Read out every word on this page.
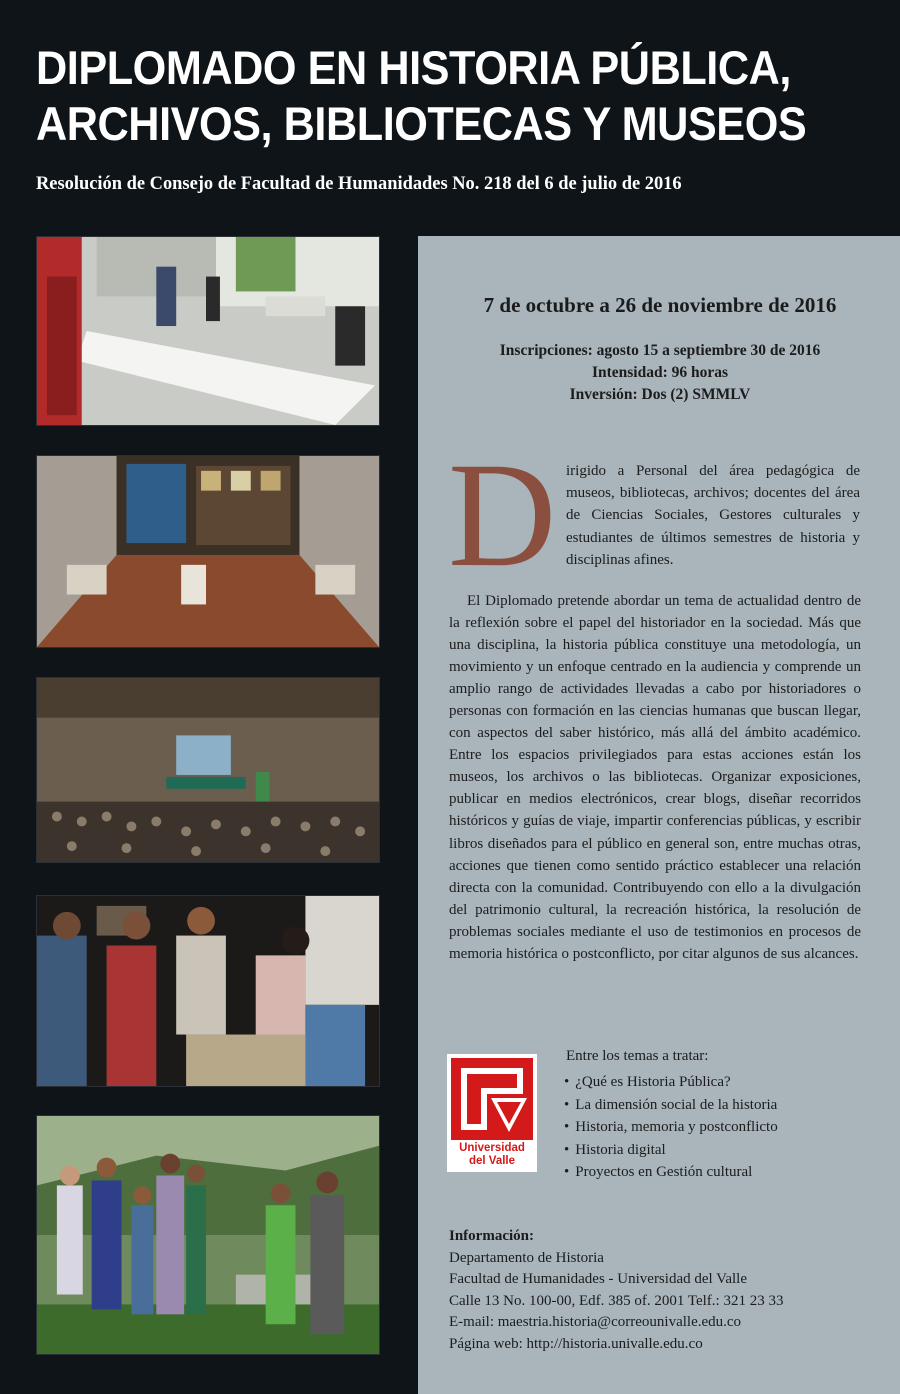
DIPLOMADO EN HISTORIA PÚBLICA,
ARCHIVOS, BIBLIOTECAS Y MUSEOS
Resolución de Consejo de Facultad de Humanidades No. 218 del 6 de julio de 2016
7 de octubre a 26 de noviembre de 2016
Inscripciones: agosto 15 a septiembre 30 de 2016
Intensidad: 96 horas
Inversión: Dos (2) SMMLV
D irigido a Personal del área pedagógica de museos, bibliotecas, archivos; docentes del área de Ciencias Sociales, Gestores culturales y estudiantes de últimos semestres de historia y disciplinas afines.
El Diplomado pretende abordar un tema de actualidad dentro de la reflexión sobre el papel del historiador en la sociedad. Más que una disciplina, la historia pública constituye una metodología, un movimiento y un enfoque centrado en la audiencia y comprende un amplio rango de actividades llevadas a cabo por historiadores o personas con formación en las ciencias humanas que buscan llegar, con aspectos del saber histórico, más allá del ámbito académico. Entre los espacios privilegiados para estas acciones están los museos, los archivos o las bibliotecas. Organizar exposiciones, publicar en medios electrónicos, crear blogs, diseñar recorridos históricos y guías de viaje, impartir conferencias públicas, y escribir libros diseñados para el público en general son, entre muchas otras, acciones que tienen como sentido práctico establecer una relación directa con la comunidad. Contribuyendo con ello a la divulgación del patrimonio cultural, la recreación histórica, la resolución de problemas sociales mediante el uso de testimonios en procesos de memoria histórica o postconflicto, por citar algunos de sus alcances.
Universidad
del Valle
Entre los temas a tratar:
• ¿Qué es Historia Pública?
• La dimensión social de la historia
• Historia, memoria y postconflicto
• Historia digital
• Proyectos en Gestión cultural
Información:
Departamento de Historia
Facultad de Humanidades - Universidad del Valle
Calle 13 No. 100-00, Edf. 385 of. 2001 Telf.: 321 23 33
E-mail: maestria.historia@correounivalle.edu.co
Página web: http://historia.univalle.edu.co
